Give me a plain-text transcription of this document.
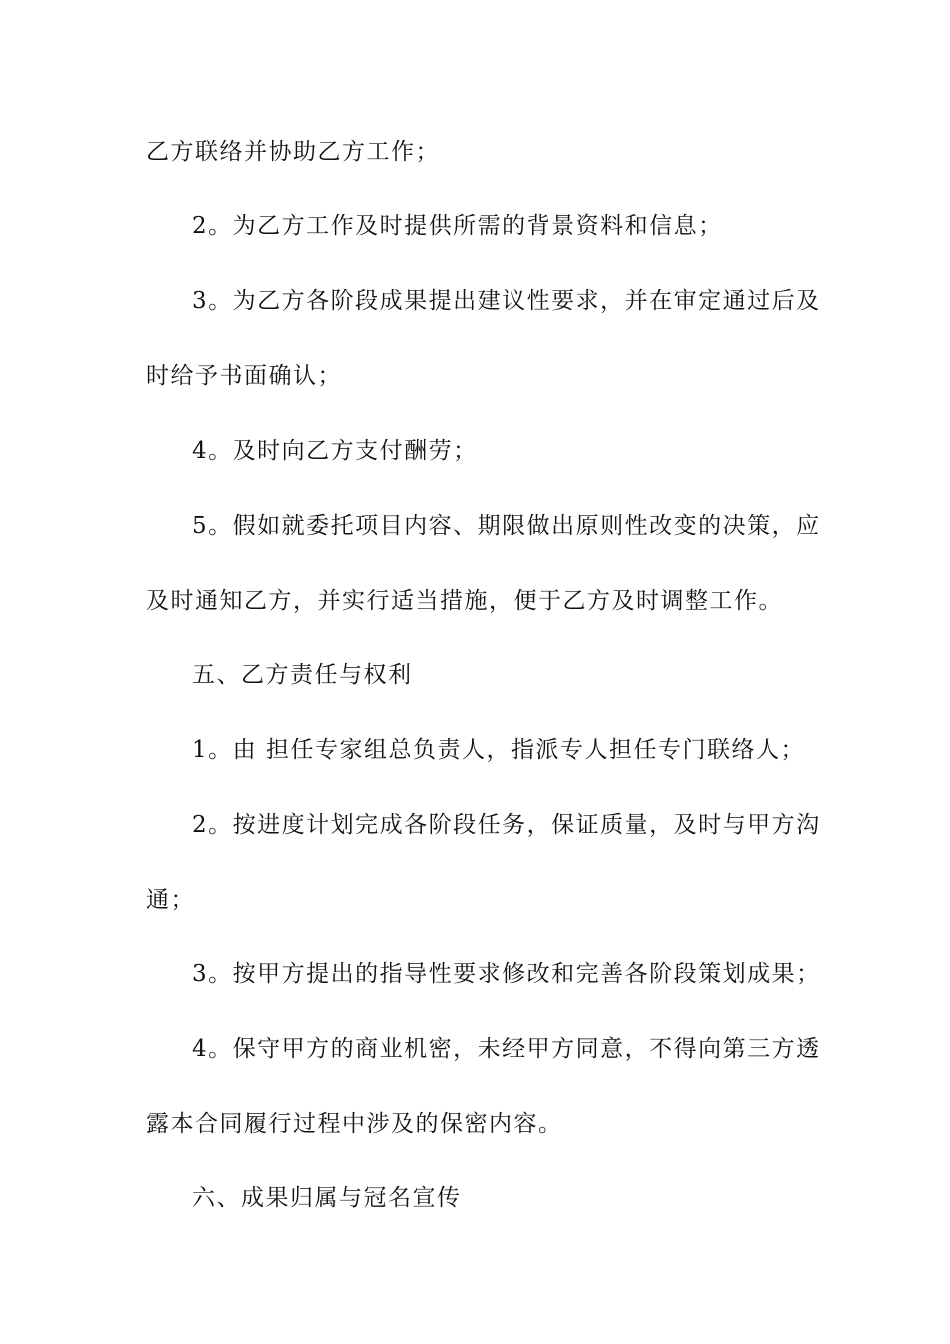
乙方联络并协助乙方工作；
2。为乙方工作及时提供所需的背景资料和信息；
3。为乙方各阶段成果提出建议性要求，并在审定通过后及
时给予书面确认；
4。及时向乙方支付酬劳；
5。假如就委托项目内容、期限做出原则性改变的决策，应
及时通知乙方，并实行适当措施，便于乙方及时调整工作。
五、乙方责任与权利
1。由 担任专家组总负责人，指派专人担任专门联络人；
2。按进度计划完成各阶段任务，保证质量，及时与甲方沟
通；
3。按甲方提出的指导性要求修改和完善各阶段策划成果；
4。保守甲方的商业机密，未经甲方同意，不得向第三方透
露本合同履行过程中涉及的保密内容。
六、成果归属与冠名宣传
